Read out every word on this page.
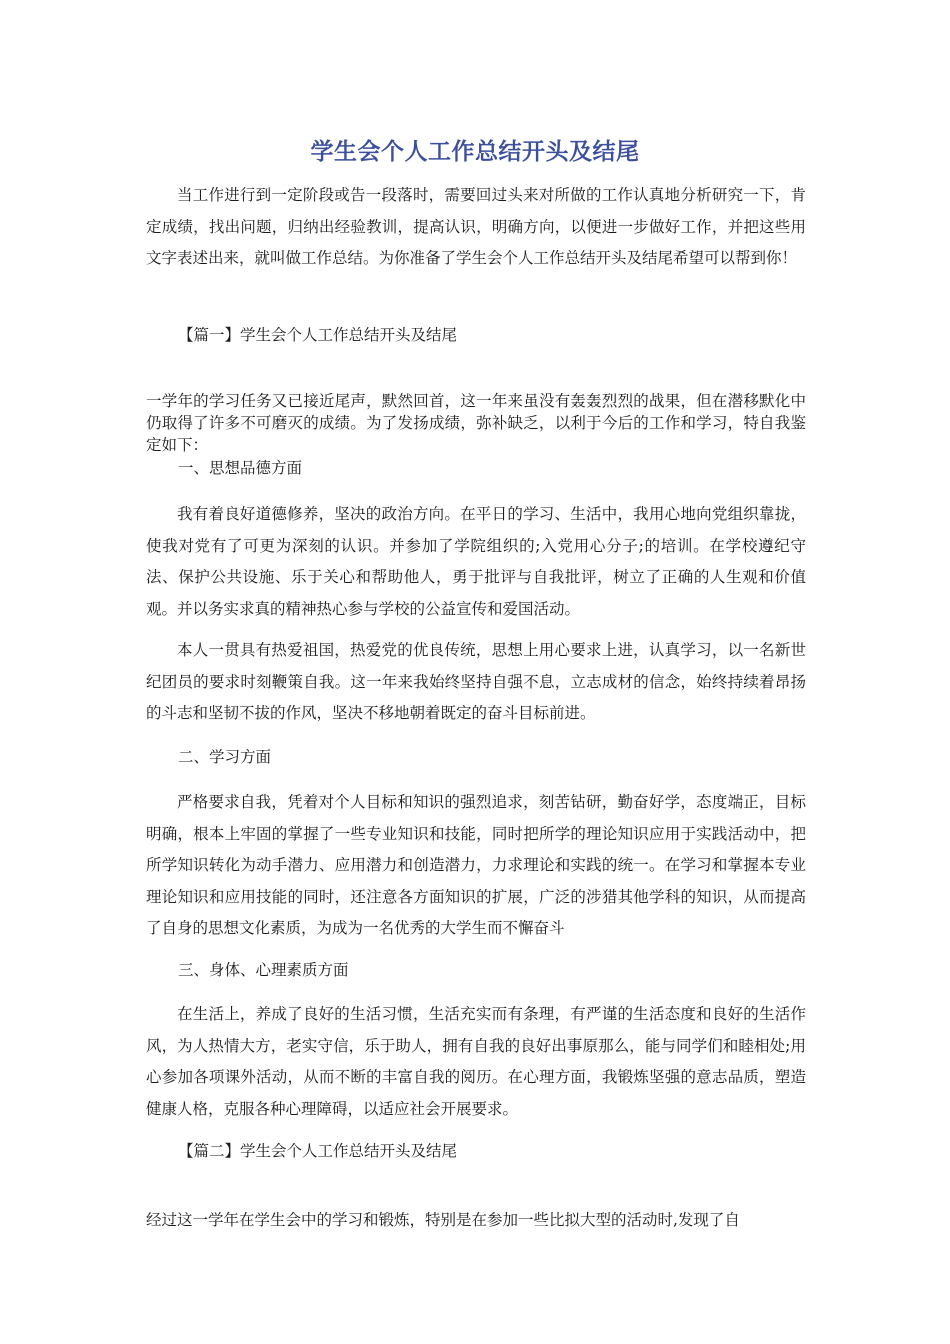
学生会个人工作总结开头及结尾

当工作进行到一定阶段或告一段落时，需要回过头来对所做的工作认真地分析研究一下，肯定成绩，找出问题，归纳出经验教训，提高认识，明确方向，以便进一步做好工作，并把这些用文字表述出来，就叫做工作总结。为你准备了学生会个人工作总结开头及结尾希望可以帮到你！

【篇一】学生会个人工作总结开头及结尾

一学年的学习任务又已接近尾声，默然回首，这一年来虽没有轰轰烈烈的战果，但在潜移默化中仍取得了许多不可磨灭的成绩。为了发扬成绩，弥补缺乏，以利于今后的工作和学习，特自我鉴定如下：

一、思想品德方面

我有着良好道德修养，坚决的政治方向。在平日的学习、生活中，我用心地向党组织靠拢，使我对党有了可更为深刻的认识。并参加了学院组织的;入党用心分子;的培训。在学校遵纪守法、保护公共设施、乐于关心和帮助他人，勇于批评与自我批评，树立了正确的人生观和价值观。并以务实求真的精神热心参与学校的公益宣传和爱国活动。

本人一贯具有热爱祖国，热爱党的优良传统，思想上用心要求上进，认真学习，以一名新世纪团员的要求时刻鞭策自我。这一年来我始终坚持自强不息，立志成材的信念，始终持续着昂扬的斗志和坚韧不拔的作风，坚决不移地朝着既定的奋斗目标前进。

二、学习方面

严格要求自我，凭着对个人目标和知识的强烈追求，刻苦钻研，勤奋好学，态度端正，目标明确，根本上牢固的掌握了一些专业知识和技能，同时把所学的理论知识应用于实践活动中，把所学知识转化为动手潜力、应用潜力和创造潜力，力求理论和实践的统一。在学习和掌握本专业理论知识和应用技能的同时，还注意各方面知识的扩展，广泛的涉猎其他学科的知识，从而提高了自身的思想文化素质，为成为一名优秀的大学生而不懈奋斗

三、身体、心理素质方面

在生活上，养成了良好的生活习惯，生活充实而有条理，有严谨的生活态度和良好的生活作风，为人热情大方，老实守信，乐于助人，拥有自我的良好出事原那么，能与同学们和睦相处;用心参加各项课外活动，从而不断的丰富自我的阅历。在心理方面，我锻炼坚强的意志品质，塑造健康人格，克服各种心理障碍，以适应社会开展要求。

【篇二】学生会个人工作总结开头及结尾

经过这一学年在学生会中的学习和锻炼，特别是在参加一些比拟大型的活动时,发现了自
